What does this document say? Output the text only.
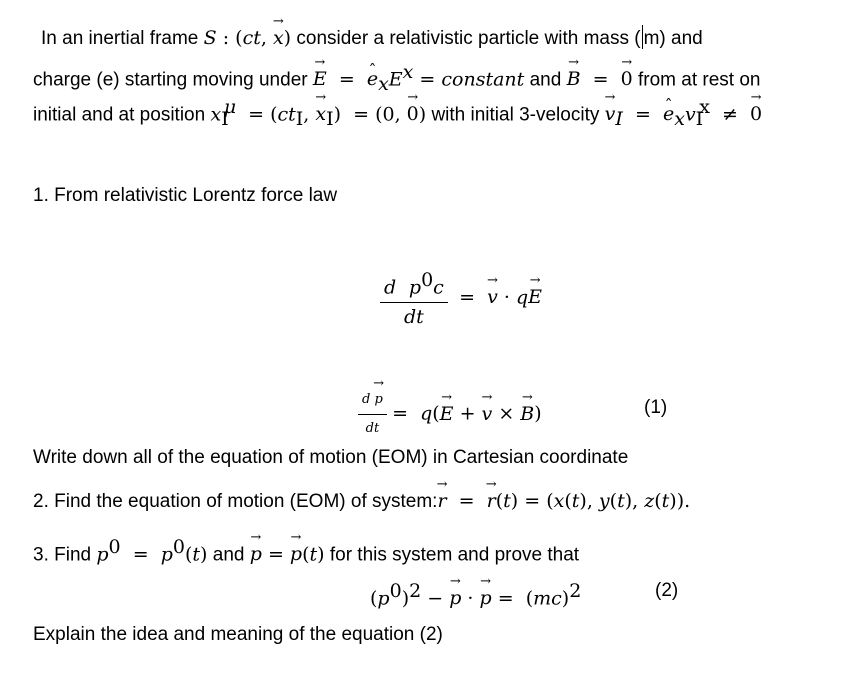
In an inertial frame S : (ct, → x) consider a relativistic particle with mass ( m) and
charge (e) starting moving under → E  =  ˆ $e_xE^x$ = constant and → B  =  → 0 from at rest on
initial and at position $x_I^\mu = (ct_I$, → $x_I) = (0$, → 0) with initial 3-velocity → $v_I$  =  ˆ $e_xv_I^x$  ≠  → 0
1. From relativistic Lorentz force law
$\frac{d p^0c}{dt}$ =  → v · q→ E
$\frac{d \to p}{dt} = q(\to E$ + → v × → B)	(1)
Write down all of the equation of motion (EOM) in Cartesian coordinate
2. Find the equation of motion (EOM) of system:→ r  =  → r(t) = (x(t), y(t), z(t)).
3. Find $p^0 = p^0(t)$ and → p = → p(t) for this system and prove that
$(p^0)^2$ − → p · → p =  (mc)$^2$	(2)
Explain the idea and meaning of the equation (2)
